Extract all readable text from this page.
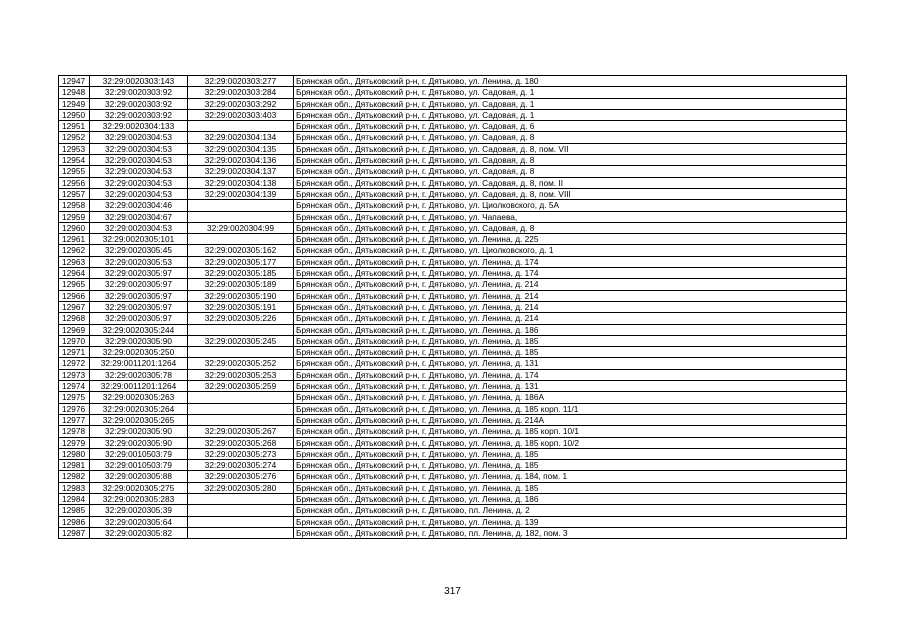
12947	32:29:0020303:143	32:29:0020303:277	Брянская обл., Дятьковский р-н, г. Дятьково, ул. Ленина, д. 180
12948	32:29:0020303:92	32:29:0020303:284	Брянская обл., Дятьковский р-н, г. Дятьково, ул. Садовая, д. 1
12949	32:29:0020303:92	32:29:0020303:292	Брянская обл., Дятьковский р-н, г. Дятьково, ул. Садовая, д. 1
12950	32:29:0020303:92	32:29:0020303:403	Брянская обл., Дятьковский р-н, г. Дятьково, ул. Садовая, д. 1
12951	32:29:0020304:133		Брянская обл., Дятьковский р-н, г. Дятьково, ул. Садовая, д. 6
12952	32:29:0020304:53	32:29:0020304:134	Брянская обл., Дятьковский р-н, г. Дятьково, ул. Садовая, д. 8
12953	32:29:0020304:53	32:29:0020304:135	Брянская обл., Дятьковский р-н, г. Дятьково, ул. Садовая, д. 8, пом. VII
12954	32:29:0020304:53	32:29:0020304:136	Брянская обл., Дятьковский р-н, г. Дятьково, ул. Садовая, д. 8
12955	32:29:0020304:53	32:29:0020304:137	Брянская обл., Дятьковский р-н, г. Дятьково, ул. Садовая, д. 8
12956	32:29:0020304:53	32:29:0020304:138	Брянская обл., Дятьковский р-н, г. Дятьково, ул. Садовая, д. 8, пом. II
12957	32:29:0020304:53	32:29:0020304:139	Брянская обл., Дятьковский р-н, г. Дятьково, ул. Садовая, д. 8, пом. VIII
12958	32:29:0020304:46		Брянская обл., Дятьковский р-н, г. Дятьково, ул. Циолковского, д. 5А
12959	32:29:0020304:67		Брянская обл., Дятьковский р-н, г. Дятьково, ул. Чапаева,
12960	32:29:0020304:53	32:29:0020304:99	Брянская обл., Дятьковский р-н, г. Дятьково, ул. Садовая, д. 8
12961	32:29:0020305:101		Брянская обл., Дятьковский р-н, г. Дятьково, ул. Ленина, д. 225
12962	32:29:0020305:45	32:29:0020305:162	Брянская обл., Дятьковский р-н, г. Дятьково, ул. Циолковского, д. 1
12963	32:29:0020305:53	32:29:0020305:177	Брянская обл., Дятьковский р-н, г. Дятьково, ул. Ленина, д. 174
12964	32:29:0020305:97	32:29:0020305:185	Брянская обл., Дятьковский р-н, г. Дятьково, ул. Ленина, д. 174
12965	32:29:0020305:97	32:29:0020305:189	Брянская обл., Дятьковский р-н, г. Дятьково, ул. Ленина, д. 214
12966	32:29:0020305:97	32:29:0020305:190	Брянская обл., Дятьковский р-н, г. Дятьково, ул. Ленина, д. 214
12967	32:29:0020305:97	32:29:0020305:191	Брянская обл., Дятьковский р-н, г. Дятьково, ул. Ленина, д. 214
12968	32:29:0020305:97	32:29:0020305:226	Брянская обл., Дятьковский р-н, г. Дятьково, ул. Ленина, д. 214
12969	32:29:0020305:244		Брянская обл., Дятьковский р-н, г. Дятьково, ул. Ленина, д. 186
12970	32:29:0020305:90	32:29:0020305:245	Брянская обл., Дятьковский р-н, г. Дятьково, ул. Ленина, д. 185
12971	32:29:0020305:250		Брянская обл., Дятьковский р-н, г. Дятьково, ул. Ленина, д. 185
12972	32:29:0011201:1264	32:29:0020305:252	Брянская обл., Дятьковский р-н, г. Дятьково, ул. Ленина, д. 131
12973	32:29:0020305:78	32:29:0020305:253	Брянская обл., Дятьковский р-н, г. Дятьково, ул. Ленина, д. 174
12974	32:29:0011201:1264	32:29:0020305:259	Брянская обл., Дятьковский р-н, г. Дятьково, ул. Ленина, д. 131
12975	32:29:0020305:263		Брянская обл., Дятьковский р-н, г. Дятьково, ул. Ленина, д. 186А
12976	32:29:0020305:264		Брянская обл., Дятьковский р-н, г. Дятьково, ул. Ленина, д. 185 корп. 11/1
12977	32:29:0020305:265		Брянская обл., Дятьковский р-н, г. Дятьково, ул. Ленина, д. 214А
12978	32:29:0020305:90	32:29:0020305:267	Брянская обл., Дятьковский р-н, г. Дятьково, ул. Ленина, д. 185 корп. 10/1
12979	32:29:0020305:90	32:29:0020305:268	Брянская обл., Дятьковский р-н, г. Дятьково, ул. Ленина, д. 185 корп. 10/2
12980	32:29:0010503:79	32:29:0020305:273	Брянская обл., Дятьковский р-н, г. Дятьково, ул. Ленина, д. 185
12981	32:29:0010503:79	32:29:0020305:274	Брянская обл., Дятьковский р-н, г. Дятьково, ул. Ленина, д. 185
12982	32:29:0020305:88	32:29:0020305:276	Брянская обл., Дятьковский р-н, г. Дятьково, ул. Ленина, д. 184, пом. 1
12983	32:29:0020305:275	32:29:0020305:280	Брянская обл., Дятьковский р-н, г. Дятьково, ул. Ленина, д. 185
12984	32:29:0020305:283		Брянская обл., Дятьковский р-н, г. Дятьково, ул. Ленина, д. 186
12985	32:29:0020305:39		Брянская обл., Дятьковский р-н, г. Дятьково, пл. Ленина, д. 2
12986	32:29:0020305:64		Брянская обл., Дятьковский р-н, г. Дятьково, ул. Ленина, д. 139
12987	32:29:0020305:82		Брянская обл., Дятьковский р-н, г. Дятьково, пл. Ленина, д. 182, пом. 3
317
